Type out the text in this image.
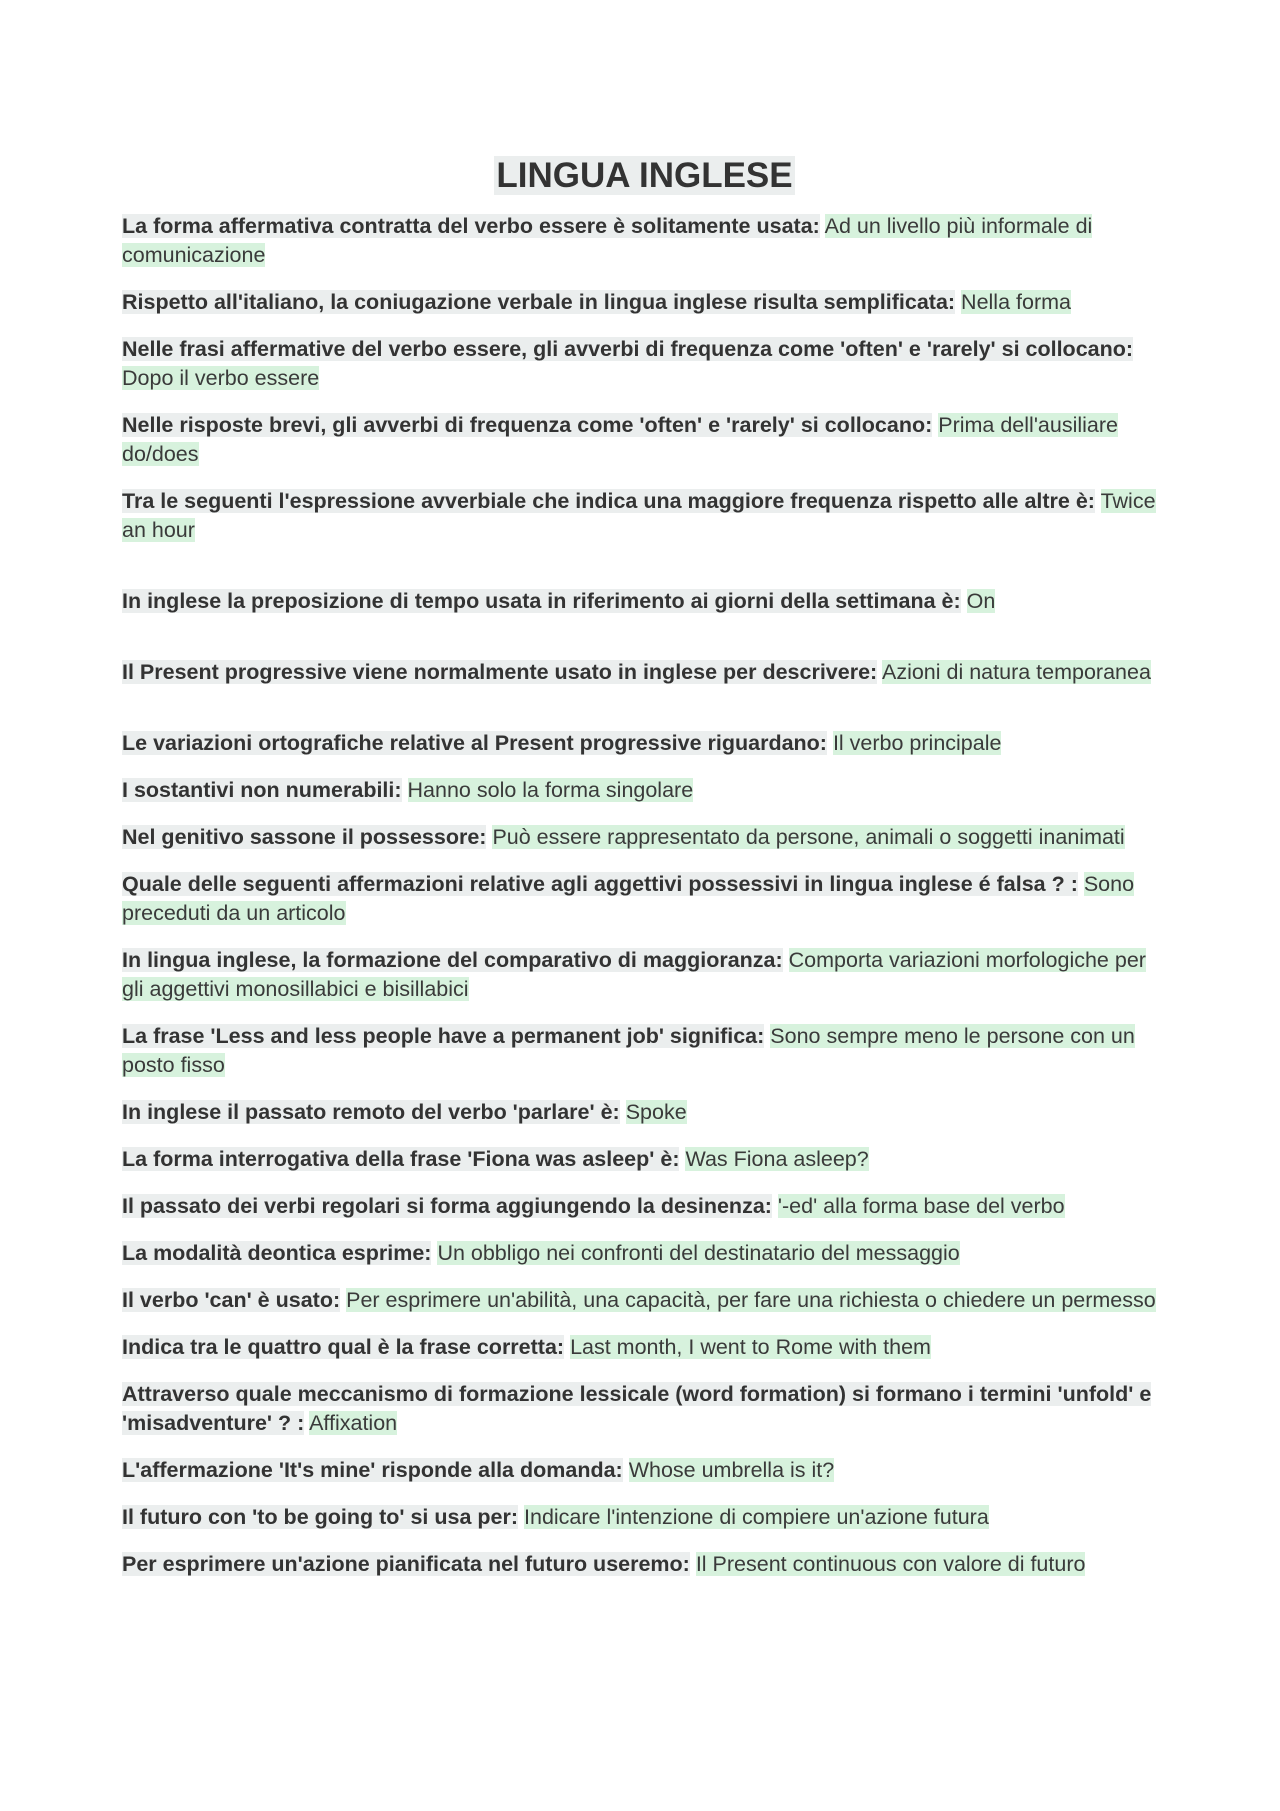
LINGUA INGLESE

La forma affermativa contratta del verbo essere è solitamente usata: Ad un livello più informale di comunicazione

Rispetto all'italiano, la coniugazione verbale in lingua inglese risulta semplificata: Nella forma

Nelle frasi affermative del verbo essere, gli avverbi di frequenza come 'often' e 'rarely' si collocano: Dopo il verbo essere

Nelle risposte brevi, gli avverbi di frequenza come 'often' e 'rarely' si collocano: Prima dell'ausiliare do/does

Tra le seguenti l'espressione avverbiale che indica una maggiore frequenza rispetto alle altre è: Twice an hour

In inglese la preposizione di tempo usata in riferimento ai giorni della settimana è: On

Il Present progressive viene normalmente usato in inglese per descrivere: Azioni di natura temporanea

Le variazioni ortografiche relative al Present progressive riguardano: Il verbo principale

I sostantivi non numerabili: Hanno solo la forma singolare

Nel genitivo sassone il possessore: Può essere rappresentato da persone, animali o soggetti inanimati

Quale delle seguenti affermazioni relative agli aggettivi possessivi in lingua inglese é falsa ? : Sono preceduti da un articolo

In lingua inglese, la formazione del comparativo di maggioranza: Comporta variazioni morfologiche per gli aggettivi monosillabici e bisillabici

La frase 'Less and less people have a permanent job' significa: Sono sempre meno le persone con un posto fisso

In inglese il passato remoto del verbo 'parlare' è: Spoke

La forma interrogativa della frase 'Fiona was asleep' è: Was Fiona asleep?

Il passato dei verbi regolari si forma aggiungendo la desinenza: '-ed' alla forma base del verbo

La modalità deontica esprime: Un obbligo nei confronti del destinatario del messaggio

Il verbo 'can' è usato: Per esprimere un'abilità, una capacità, per fare una richiesta o chiedere un permesso

Indica tra le quattro qual è la frase corretta: Last month, I went to Rome with them

Attraverso quale meccanismo di formazione lessicale (word formation) si formano i termini 'unfold' e 'misadventure' ? : Affixation

L'affermazione 'It's mine' risponde alla domanda: Whose umbrella is it?

Il futuro con 'to be going to' si usa per: Indicare l'intenzione di compiere un'azione futura

Per esprimere un'azione pianificata nel futuro useremo: Il Present continuous con valore di futuro
